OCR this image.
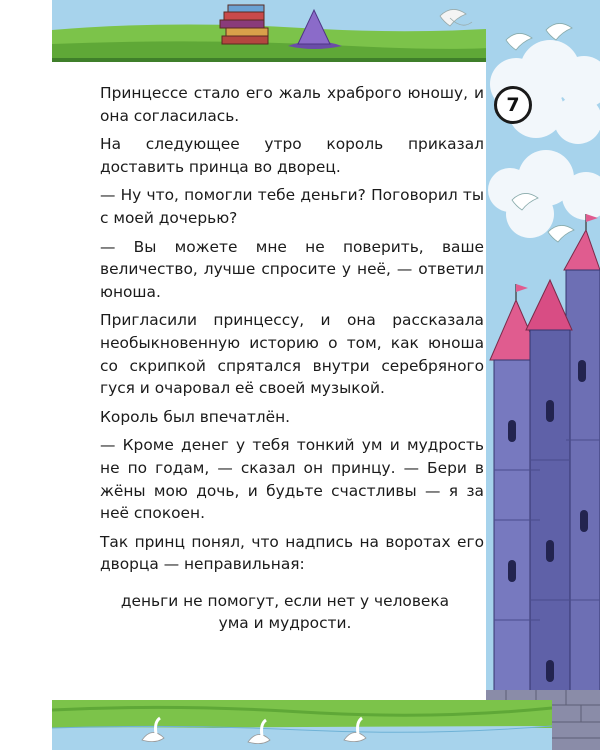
7

Принцессе стало его жаль храброго юношу, и она согласилась.

На следующее утро король приказал доставить принца во дворец.

— Ну что, помогли тебе деньги? Поговорил ты с моей дочерью?

— Вы можете мне не поверить, ваше величество, лучше спросите у неё, — ответил юноша.

Пригласили принцессу, и она рассказала необыкновенную историю о том, как юноша со скрипкой спрятался внутри серебряного гуся и очаровал её своей музыкой.

Король был впечатлён.

— Кроме денег у тебя тонкий ум и мудрость не по годам, — сказал он принцу. — Бери в жёны мою дочь, и будьте счастливы — я за неё спокоен.

Так принц понял, что надпись на воротах его дворца — неправильная:

деньги не помогут, если нет у человека
ума и мудрости.
